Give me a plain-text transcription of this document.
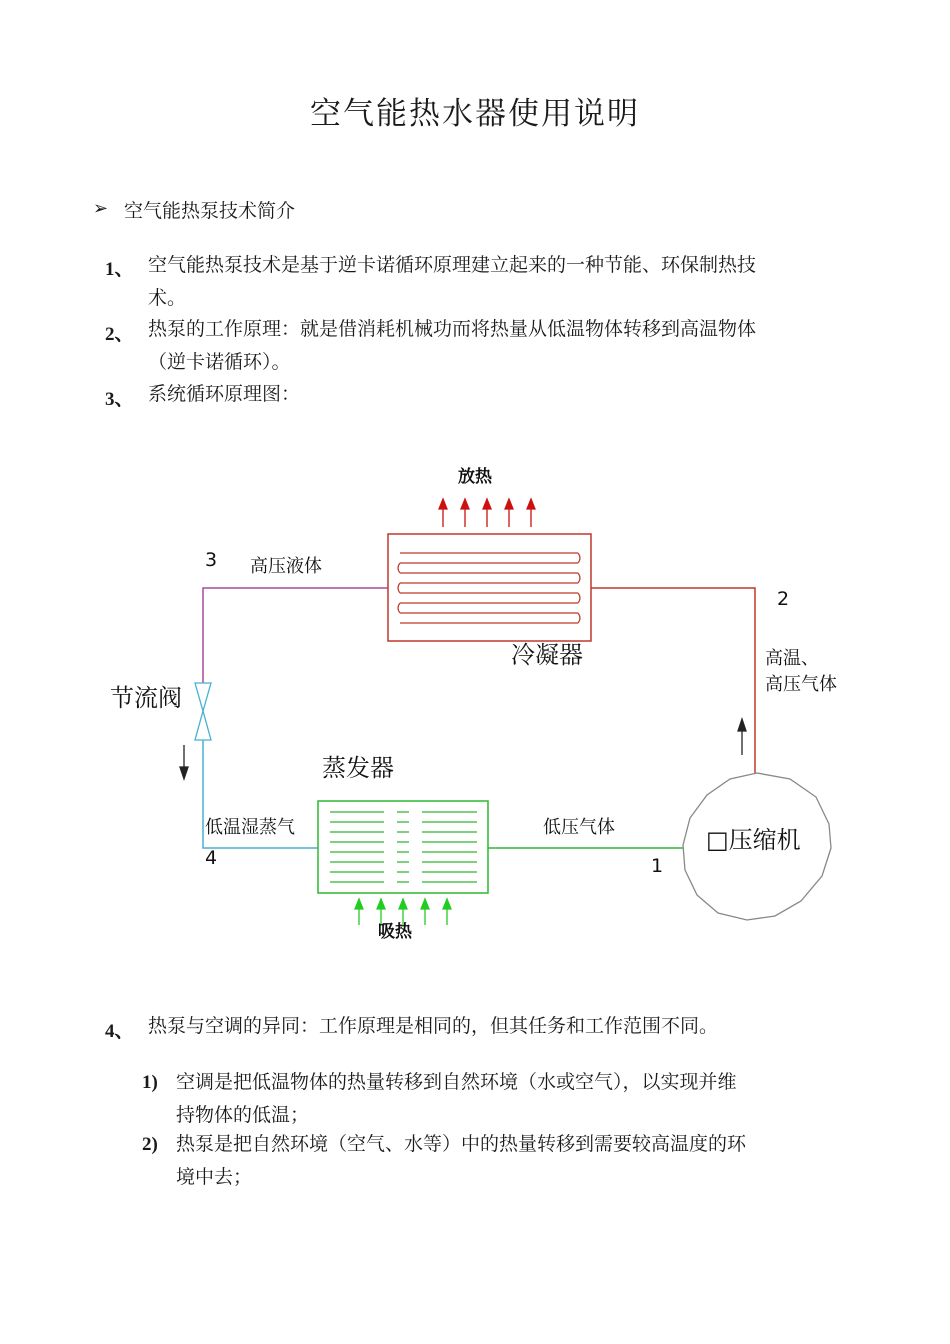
空气能热水器使用说明
➢ 空气能热泵技术简介
1、 空气能热泵技术是基于逆卡诺循环原理建立起来的一种节能、环保制热技
术。
2、 热泵的工作原理：就是借消耗机械功而将热量从低温物体转移到高温物体
（逆卡诺循环）。
3、 系统循环原理图：
放热
吸热
冷凝器
蒸发器
节流阀
□压缩机
高压液体
高温、
高压气体
低温湿蒸气	低压气体
1
2
3
4
4、 热泵与空调的异同：工作原理是相同的，但其任务和工作范围不同。
1) 空调是把低温物体的热量转移到自然环境（水或空气），以实现并维
持物体的低温；
2) 热泵是把自然环境（空气、水等）中的热量转移到需要较高温度的环
境中去；
